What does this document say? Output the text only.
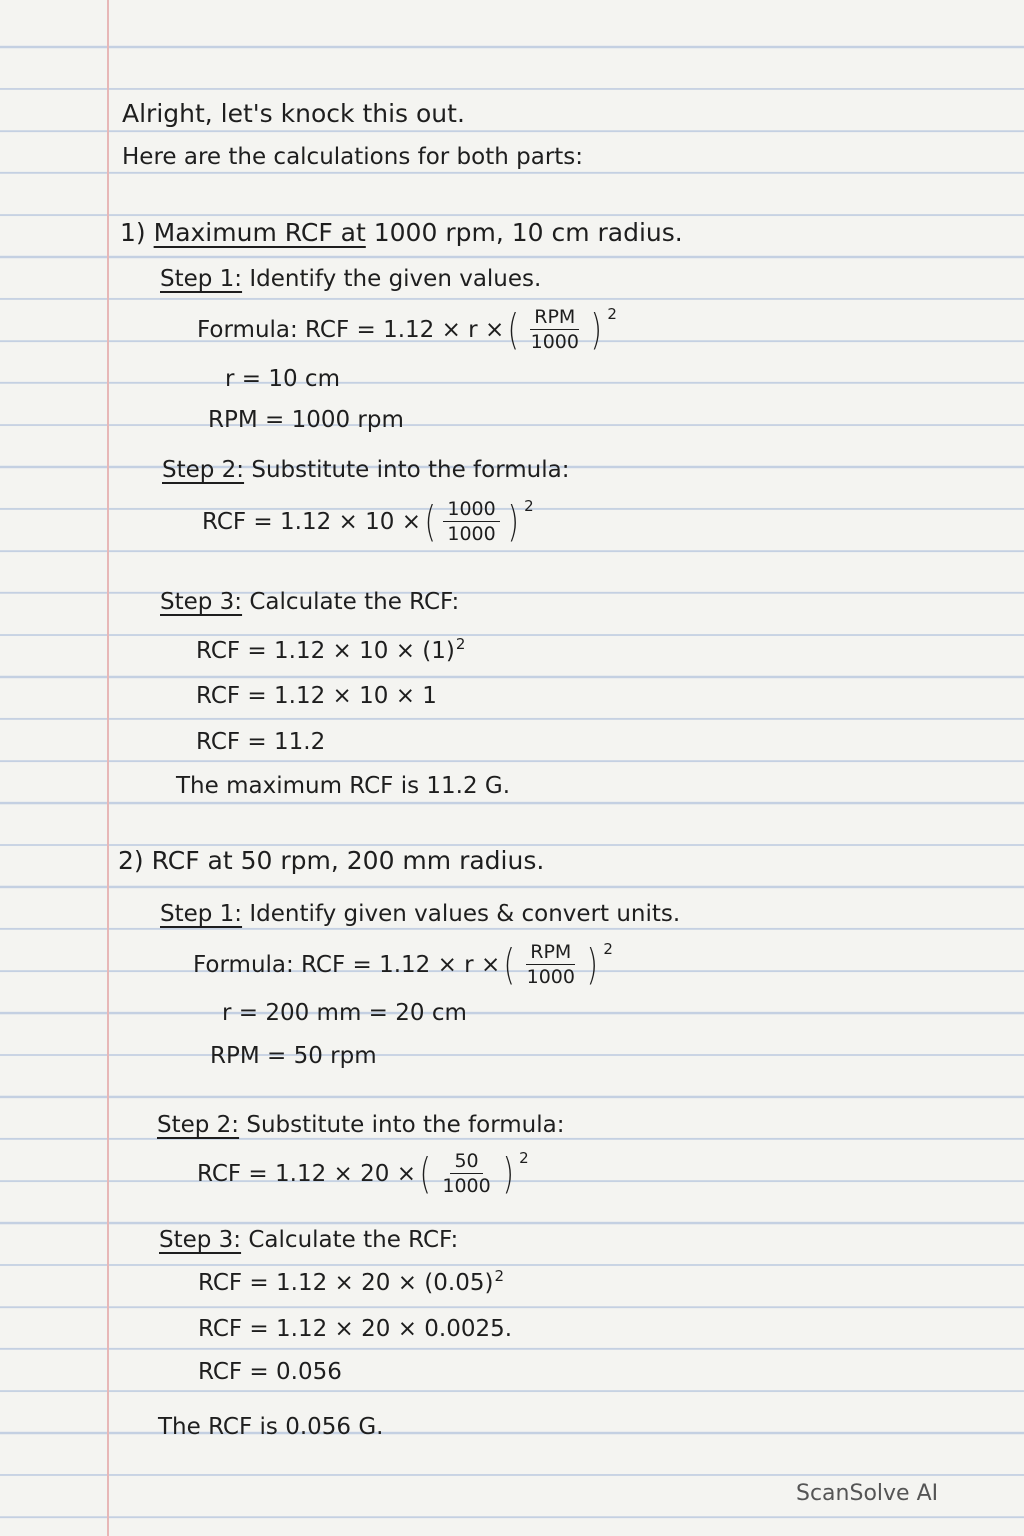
Alright, let's knock this out.
Here are the calculations for both parts:
1) Maximum RCF at 1000 rpm, 10 cm radius.
Step 1: Identify the given values.
Formula: RCF = 1.12 × r × ( $\frac{\text{RPM}}{1000}$ ) 2
r = 10 cm
RPM = 1000 rpm
Step 2: Substitute into the formula:
RCF = 1.12 × 10 × ( $\frac{1000}{1000}$ ) 2
Step 3: Calculate the RCF:
RCF = $1.12 \times 10 \times (1)^2$
RCF = 1.12 × 10 × 1
RCF = 11.2
The maximum RCF is 11.2 G.
2) RCF at 50 rpm, 200 mm radius.
Step 1: Identify given values & convert units.
Formula: RCF = 1.12 × r × ( $\frac{\text{RPM}}{1000}$ ) 2
r = 200 mm = 20 cm
RPM = 50 rpm
Step 2: Substitute into the formula:
RCF = 1.12 × 20 × ( $\frac{50}{1000}$ ) 2
Step 3: Calculate the RCF:
RCF = $1.12 \times 20 \times (0.05)^2$
RCF = 1.12 × 20 × 0.0025.
RCF = 0.056
The RCF is 0.056 G.
ScanSolve AI
